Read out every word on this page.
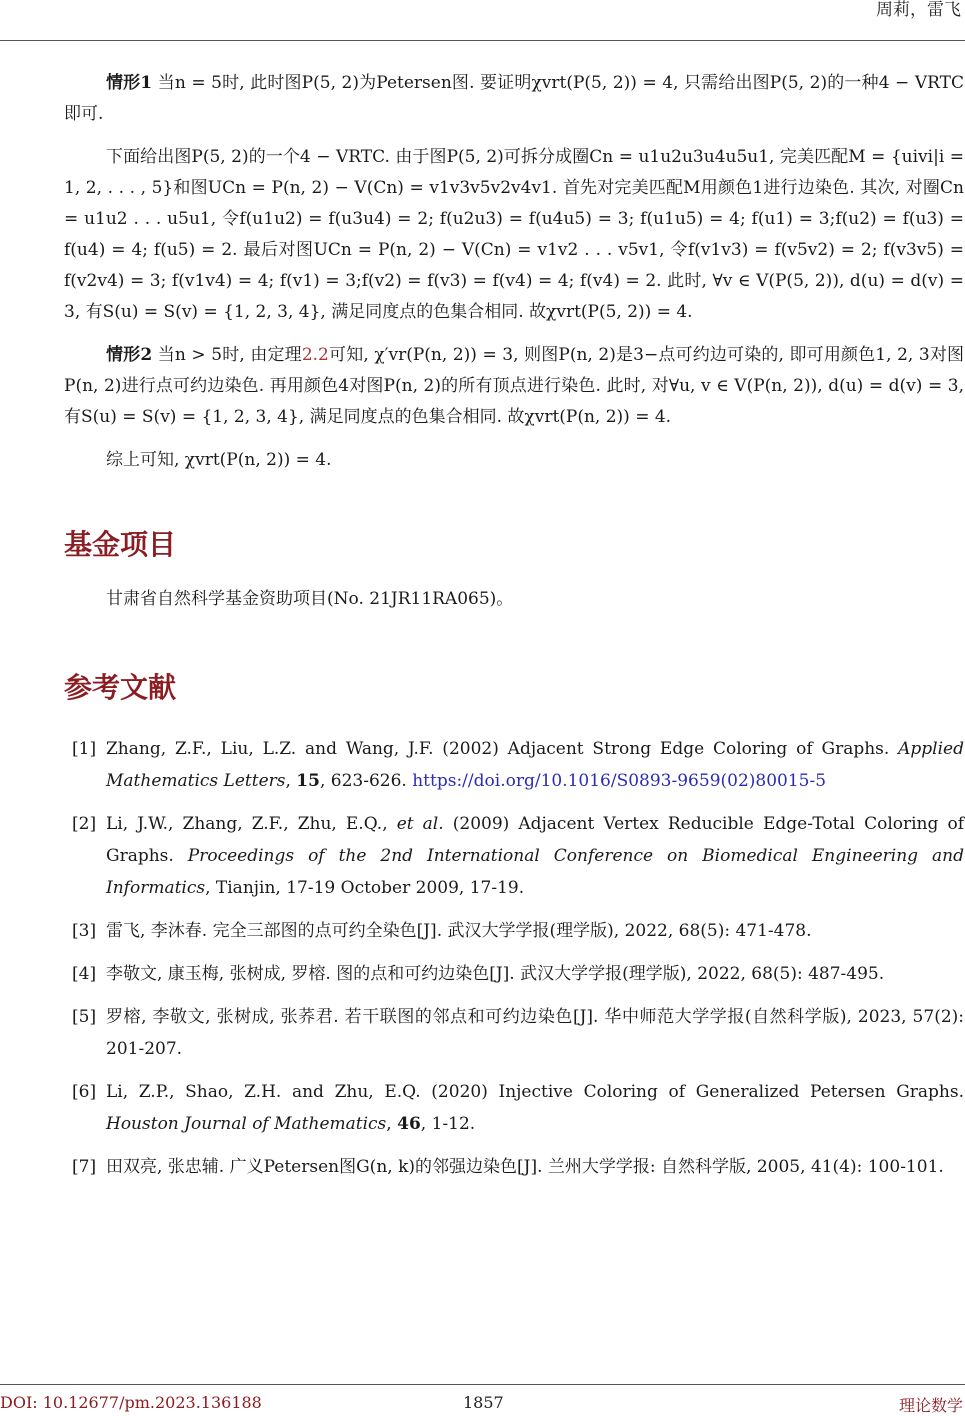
周莉，雷飞

情形1 当n = 5时, 此时图P(5, 2)为Petersen图. 要证明χvrt(P(5, 2)) = 4, 只需给出图P(5, 2)的一种4 − VRTC即可.

下面给出图P(5, 2)的一个4 − VRTC. 由于图P(5, 2)可拆分成圈Cn = u1u2u3u4u5u1, 完美匹配M = {uivi|i = 1, 2, . . . , 5}和图UCn = P(n, 2) − V(Cn) = v1v3v5v2v4v1. 首先对完美匹配M用颜色1进行边染色. 其次, 对圈Cn = u1u2 . . . u5u1, 令f(u1u2) = f(u3u4) = 2; f(u2u3) = f(u4u5) = 3; f(u1u5) = 4; f(u1) = 3;f(u2) = f(u3) = f(u4) = 4; f(u5) = 2. 最后对图UCn = P(n, 2) − V(Cn) = v1v2 . . . v5v1, 令f(v1v3) = f(v5v2) = 2; f(v3v5) = f(v2v4) = 3; f(v1v4) = 4; f(v1) = 3;f(v2) = f(v3) = f(v4) = 4; f(v4) = 2. 此时, ∀v ∈ V(P(5, 2)), d(u) = d(v) = 3, 有S(u) = S(v) = {1, 2, 3, 4}, 满足同度点的色集合相同. 故χvrt(P(5, 2)) = 4.

情形2 当n > 5时, 由定理2.2可知, χ′vr(P(n, 2)) = 3, 则图P(n, 2)是3−点可约边可染的, 即可用颜色1, 2, 3对图P(n, 2)进行点可约边染色. 再用颜色4对图P(n, 2)的所有顶点进行染色. 此时, 对∀u, v ∈ V(P(n, 2)), d(u) = d(v) = 3, 有S(u) = S(v) = {1, 2, 3, 4}, 满足同度点的色集合相同. 故χvrt(P(n, 2)) = 4.

综上可知, χvrt(P(n, 2)) = 4.

基金项目

甘肃省自然科学基金资助项目(No. 21JR11RA065)。

参考文献
[1] Zhang, Z.F., Liu, L.Z. and Wang, J.F. (2002) Adjacent Strong Edge Coloring of Graphs. Applied Mathematics Letters, 15, 623-626. https://doi.org/10.1016/S0893-9659(02)80015-5
[2] Li, J.W., Zhang, Z.F., Zhu, E.Q., et al. (2009) Adjacent Vertex Reducible Edge-Total Coloring of Graphs. Proceedings of the 2nd International Conference on Biomedical Engineering and Informatics, Tianjin, 17-19 October 2009, 17-19.
[3] 雷飞, 李沐春. 完全三部图的点可约全染色[J]. 武汉大学学报(理学版), 2022, 68(5): 471-478.
[4] 李敬文, 康玉梅, 张树成, 罗榕. 图的点和可约边染色[J]. 武汉大学学报(理学版), 2022, 68(5): 487-495.
[5] 罗榕, 李敬文, 张树成, 张荞君. 若干联图的邻点和可约边染色[J]. 华中师范大学学报(自然科学版), 2023, 57(2): 201-207.
[6] Li, Z.P., Shao, Z.H. and Zhu, E.Q. (2020) Injective Coloring of Generalized Petersen Graphs. Houston Journal of Mathematics, 46, 1-12.
[7] 田双亮, 张忠辅. 广义Petersen图G(n, k)的邻强边染色[J]. 兰州大学学报: 自然科学版, 2005, 41(4): 100-101.
DOI: 10.12677/pm.2023.136188	1857	理论数学
